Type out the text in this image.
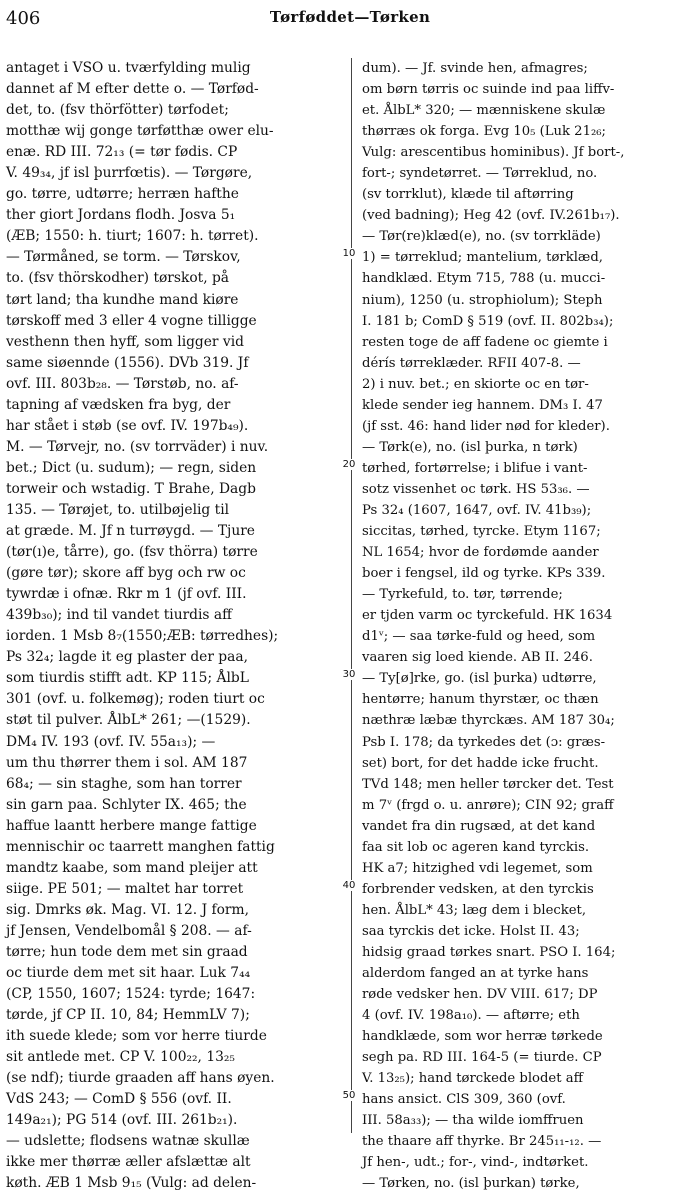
406	Tørføddet—Tørken
antaget i VSO u. tværfylding mulig
dannet af M efter dette o. — Tørfød-
det, to. (fsv thörfötter) tørfodet;
motthæ wij gonge tørføtthæ ower elu-
enæ. RD III. 72₁₃ (= tør fødis. CP
V. 49₃₄, jf isl þurrfœtis). — Tørgøre,
go. tørre, udtørre; herræn hafthe
ther giort Jordans flodh. Josva 5₁
(ÆB; 1550: h. tiurt; 1607: h. tørret).
— Tørmåned, se torm. — Tørskov,
to. (fsv thörskodher) tørskot, på
tørt land; tha kundhe mand kiøre
tørskoff med 3 eller 4 vogne tilligge
vesthenn then hyff, som ligger vid
same siøennde (1556). DVb 319. Jf
ovf. III. 803b₂₈. — Tørstøb, no. af-
tapning af vædsken fra byg, der
har stået i støb (se ovf. IV. 197b₄₉).
M. — Tørvejr, no. (sv torrväder) i nuv.
bet.; Dict (u. sudum); — regn, siden
torweir och wstadig. T Brahe, Dagb
135. — Tørøjet, to. utilbøjelig til
at græde. M. Jf n turrøygd. — Tjure
(tør(ı)e, tårre), go. (fsv thörra) tørre
(gøre tør); skore aff byg och rw oc
tywrdæ i ofnæ. Rkr m 1 (jf ovf. III.
439b₃₀); ind til vandet tiurdis aff
iorden. 1 Msb 8₇(1550;ÆB: tørredhes);
Ps 32₄; lagde it eg plaster der paa,
som tiurdis stifft adt. KP 115; ÅlbL
301 (ovf. u. folkemøg); roden tiurt oc
støt til pulver. ÅlbL* 261; —(1529).
DM₄ IV. 193 (ovf. IV. 55a₁₃); —
um thu thørrer them i sol. AM 187
68₄; — sin staghe, som han torrer
sin garn paa. Schlyter IX. 465; the
haffue laantt herbere mange fattige
mennischir oc taarrett manghen fattig
mandtz kaabe, som mand pleijer att
siige. PE 501; — maltet har torret
sig. Dmrks øk. Mag. VI. 12. J form,
jf Jensen, Vendelbomål § 208. — af-
tørre; hun tode dem met sin graad
oc tiurde dem met sit haar. Luk 7₄₄
(CP, 1550, 1607; 1524: tyrde; 1647:
tørde, jf CP II. 10, 84; HemmLV 7);
ith suede klede; som vor herre tiurde
sit antlede met. CP V. 100₂₂, 13₂₅
(se ndf); tiurde graaden aff hans øyen.
VdS 243; — ComD § 556 (ovf. II.
149a₂₁); PG 514 (ovf. III. 261b₂₁).
— udslette; flodsens watnæ skullæ
ikke mer thørræ æller afslættæ alt
køth. ÆB 1 Msb 9₁₅ (Vulg: ad delen-
dum). — Jf. svinde hen, afmagres;
om børn tørris oc suinde ind paa liffv-
et. ÅlbL* 320; — mænniskene skulæ
thørræs ok forga. Evg 10₅ (Luk 21₂₆;
Vulg: arescentibus hominibus). Jf bort-,
fort-; syndetørret. — Tørreklud, no.
(sv torrklut), klæde til aftørring
(ved badning); Heg 42 (ovf. IV.261b₁₇).
— Tør(re)klæd(e), no. (sv torrkläde)
1) = tørreklud; mantelium, tørklæd,
handklæd. Etym 715, 788 (u. mucci-
nium), 1250 (u. strophiolum); Steph
I. 181 b; ComD § 519 (ovf. II. 802b₃₄);
resten toge de aff fadene oc giemte i
dérís tørreklæder. RFII 407-8. —
2) i nuv. bet.; en skiorte oc en tør-
klede sender ieg hannem. DM₃ I. 47
(jf sst. 46: hand lider nød for kleder).
— Tørk(e), no. (isl þurka, n tørk)
tørhed, fortørrelse; i blifue i vant-
sotz vissenhet oc tørk. HS 53₃₆. —
Ps 32₄ (1607, 1647, ovf. IV. 41b₃₉);
siccitas, tørhed, tyrcke. Etym 1167;
NL 1654; hvor de fordømde aander
boer i fengsel, ild og tyrke. KPs 339.
— Tyrkefuld, to. tør, tørrende;
er tjden varm oc tyrckefuld. HK 1634
d1ᵛ; — saa tørke-fuld og heed, som
vaaren sig loed kiende. AB II. 246.
— Ty[ø]rke, go. (isl þurka) udtørre,
hentørre; hanum thyrstær, oc thæn
næthræ læbæ thyrckæs. AM 187 30₄;
Psb I. 178; da tyrkedes det (ɔ: græs-
set) bort, for det hadde icke frucht.
TVd 148; men heller tørcker det. Test
m 7ᵛ (frgd o. u. anrøre); CIN 92; graff
vandet fra din rugsæd, at det kand
faa sit lob oc ageren kand tyrckis.
HK a7; hitzighed vdi legemet, som
forbrender vedsken, at den tyrckis
hen. ÅlbL* 43; læg dem i blecket,
saa tyrckis det icke. Holst II. 43;
hidsig graad tørkes snart. PSO I. 164;
alderdom fanged an at tyrke hans
røde vedsker hen. DV VIII. 617; DP
4 (ovf. IV. 198a₁₀). — aftørre; eth
handklæde, som wor herræ tørkede
segh pa. RD III. 164-5 (= tiurde. CP
V. 13₂₅); hand tørckede blodet aff
hans ansict. ClS 309, 360 (ovf.
III. 58a₃₃); — tha wilde iomffruen
the thaare aff thyrke. Br 245₁₁-₁₂. —
Jf hen-, udt.; for-, vind-, indtørket.
— Tørken, no. (isl þurkan) tørke,
10
20
30
40
50
